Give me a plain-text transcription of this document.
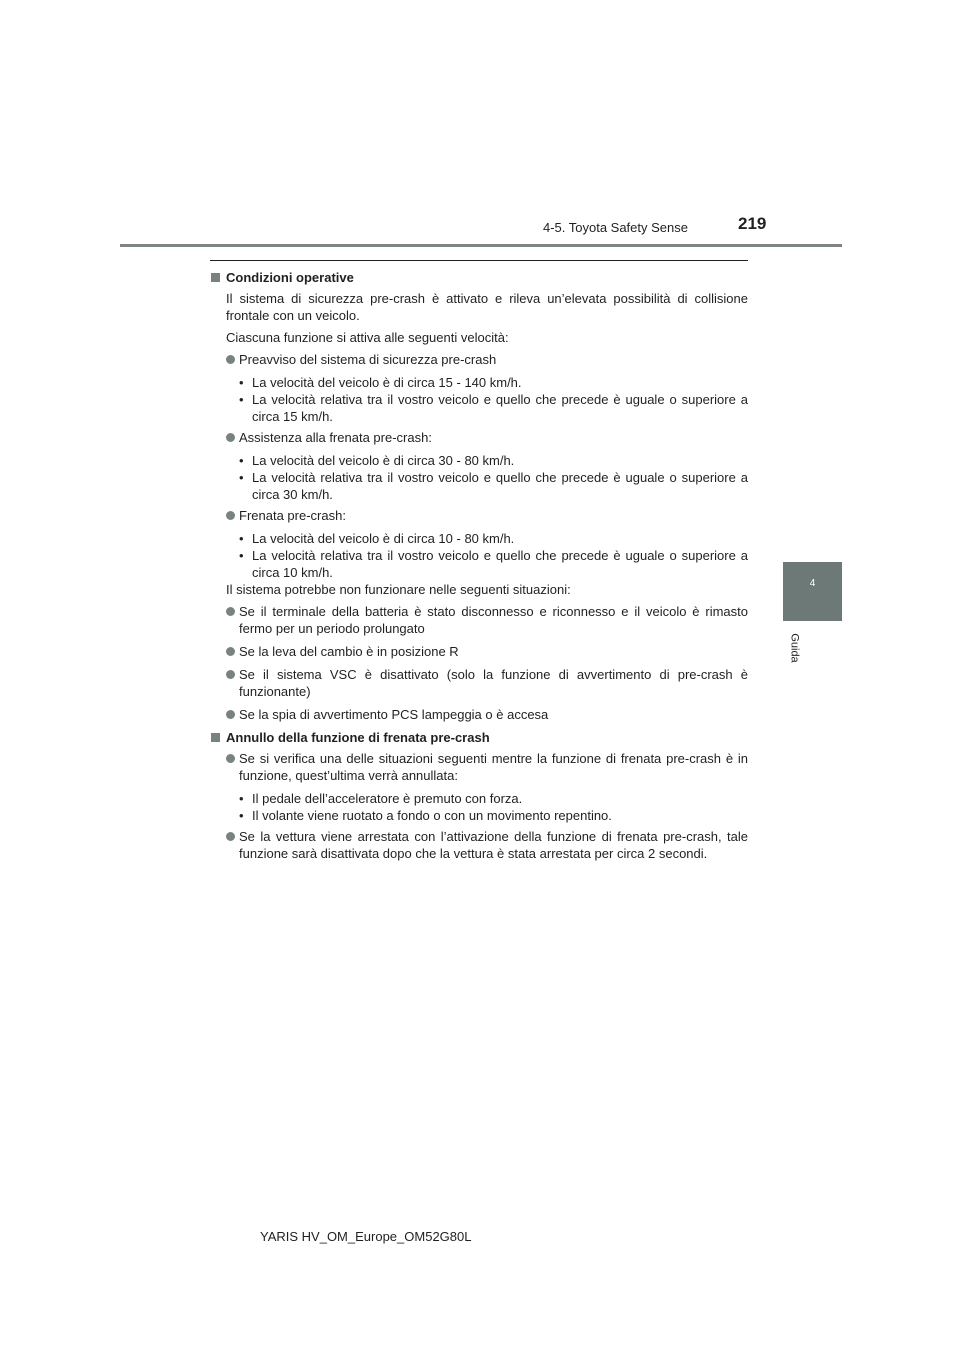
4-5. Toyota Safety Sense	219
4
Guida

Condizioni operative

Il sistema di sicurezza pre-crash è attivato e rileva un’elevata possibilità di collisione frontale con un veicolo.

Ciascuna funzione si attiva alle seguenti velocità:

Preavviso del sistema di sicurezza pre-crash
• La velocità del veicolo è di circa 15 - 140 km/h.
• La velocità relativa tra il vostro veicolo e quello che precede è uguale o superiore a circa 15 km/h.
Assistenza alla frenata pre-crash:
• La velocità del veicolo è di circa 30 - 80 km/h.
• La velocità relativa tra il vostro veicolo e quello che precede è uguale o superiore a circa 30 km/h.
Frenata pre-crash:
• La velocità del veicolo è di circa 10 - 80 km/h.
• La velocità relativa tra il vostro veicolo e quello che precede è uguale o superiore a circa 10 km/h.

Il sistema potrebbe non funzionare nelle seguenti situazioni:

Se il terminale della batteria è stato disconnesso e riconnesso e il veicolo è rimasto fermo per un periodo prolungato
Se la leva del cambio è in posizione R
Se il sistema VSC è disattivato (solo la funzione di avvertimento di pre-crash è funzionante)
Se la spia di avvertimento PCS lampeggia o è accesa

Annullo della funzione di frenata pre-crash

Se si verifica una delle situazioni seguenti mentre la funzione di frenata pre-crash è in funzione, quest’ultima verrà annullata:
• Il pedale dell’acceleratore è premuto con forza.
• Il volante viene ruotato a fondo o con un movimento repentino.
Se la vettura viene arrestata con l’attivazione della funzione di frenata pre-crash, tale funzione sarà disattivata dopo che la vettura è stata arrestata per circa 2 secondi.
YARIS HV_OM_Europe_OM52G80L
